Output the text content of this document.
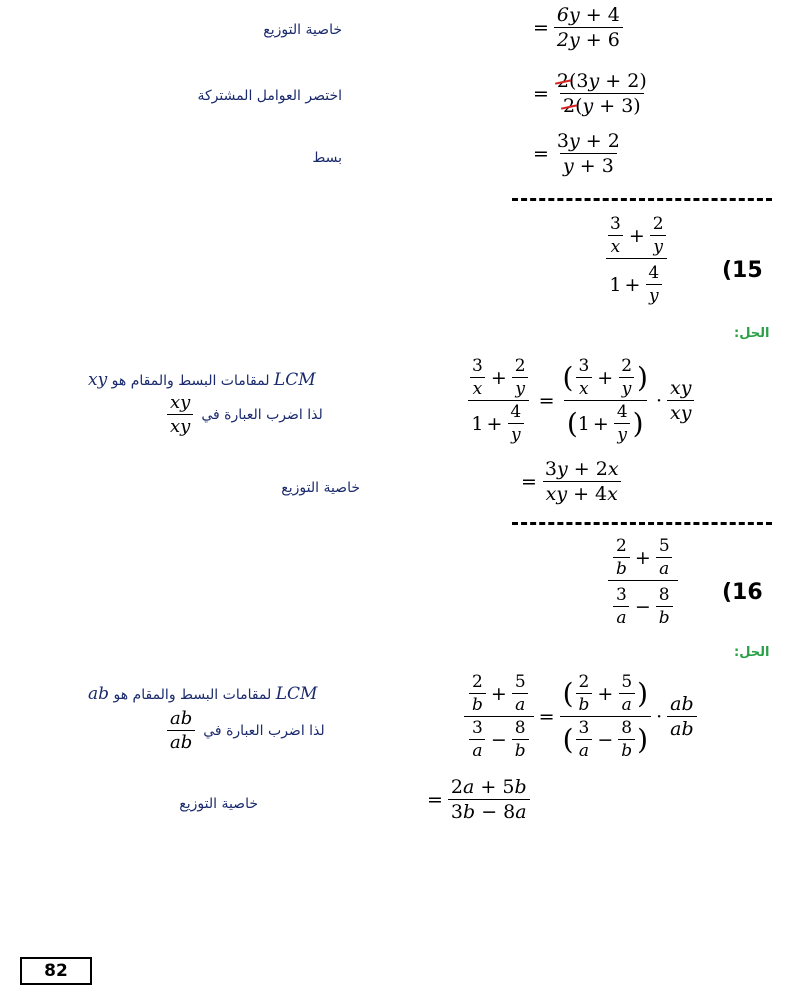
خاصية التوزيع	= $\frac{6y + 4}{2y + 6}$
اختصر العوامل المشتركة	= $\frac{2(3y + 2)}{2(y + 3)}$
بسط	= $\frac{3y + 2}{y + 3}$
$\frac{\frac{3}{x} + \frac{2}{y}}{1 + \frac{4}{y}} (15$
الحل:
xy لمقامات البسط والمقام هو LCM
$\frac{xy}{xy}$ لذا اضرب العبارة في	$\frac{\frac{3}{x} + \frac{2}{y}}{1 + \frac{4}{y}} = \frac{( \frac{3}{x} + \frac{2}{y} )}{( 1 + \frac{4}{y} )} \cdot \frac{xy}{xy}$
خاصية التوزيع	= $\frac{3y + 2x}{xy + 4x}$
$\frac{\frac{2}{b} + \frac{5}{a}}{\frac{3}{a} - \frac{8}{b}} (16$
الحل:
ab لمقامات البسط والمقام هو LCM
$\frac{ab}{ab}$ لذا اضرب العبارة في	$\frac{\frac{2}{b} + \frac{5}{a}}{\frac{3}{a} - \frac{8}{b}} = \frac{( \frac{2}{b} + \frac{5}{a} )}{( \frac{3}{a} - \frac{8}{b} )} \cdot \frac{ab}{ab}$
خاصية التوزيع	= $\frac{2a + 5b}{3b - 8a}$
82
